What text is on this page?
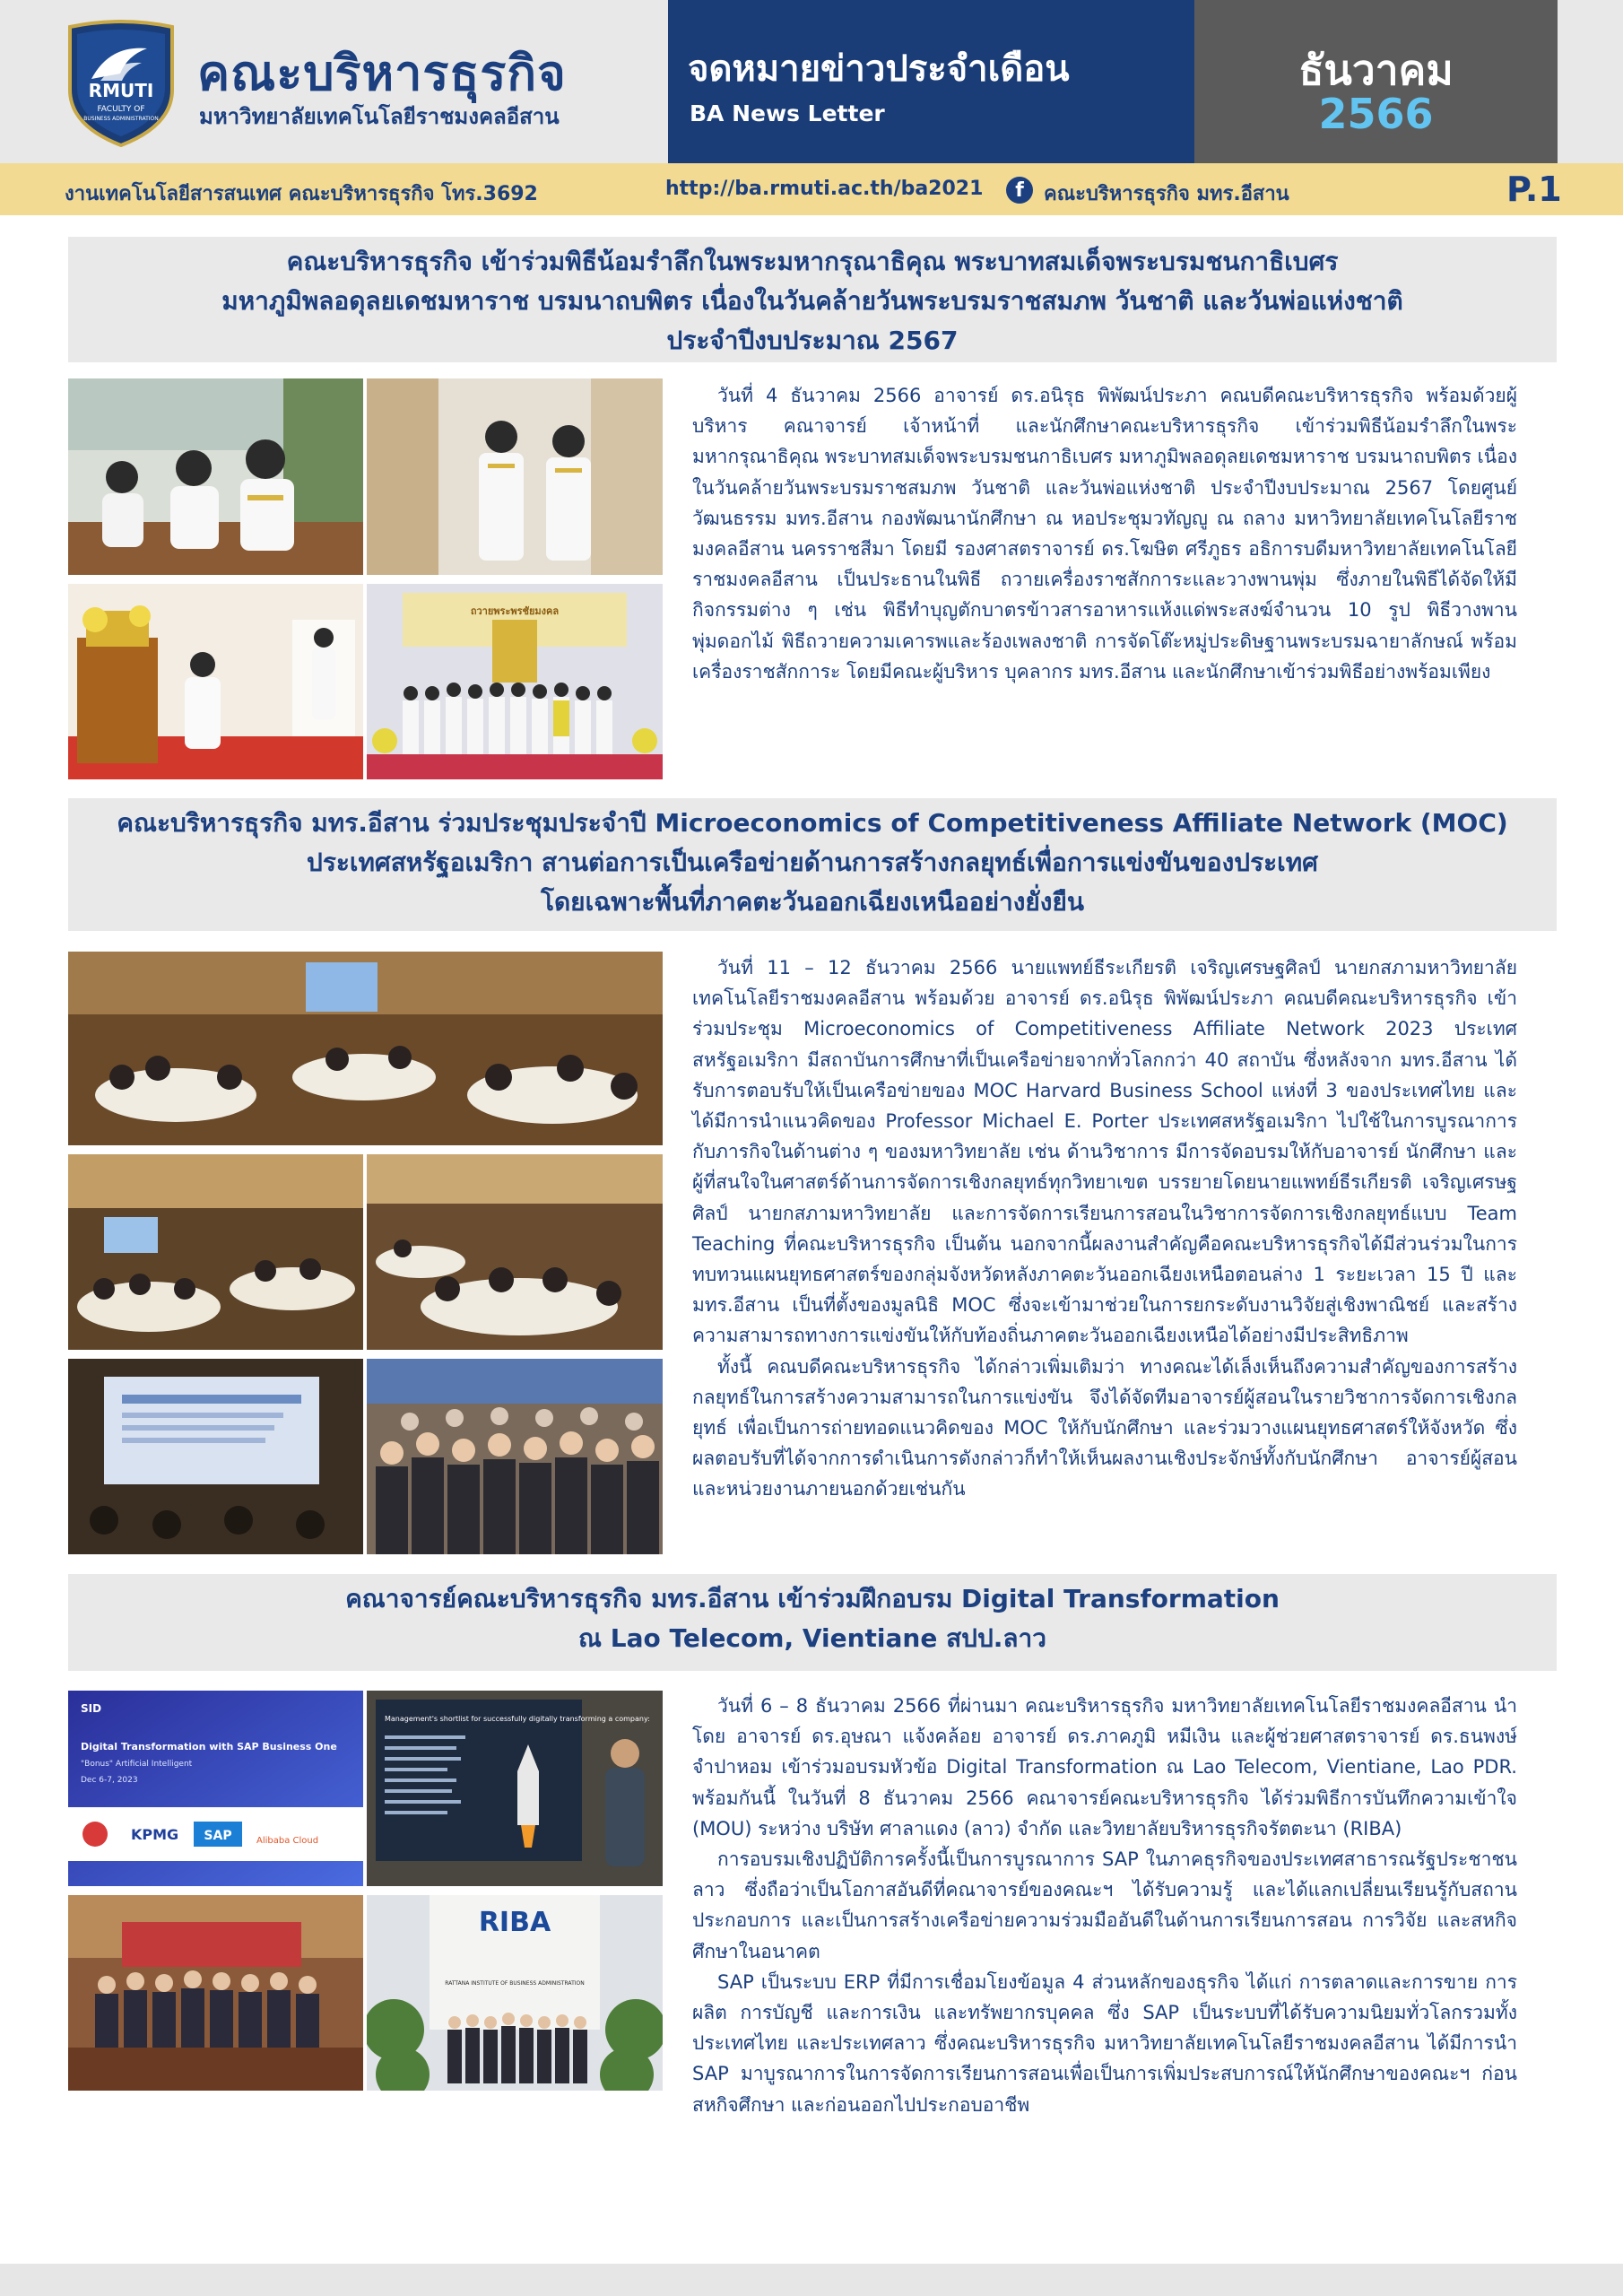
RMUTI
FACULTY OF
BUSINESS ADMINISTRATION
คณะบริหารธุรกิจ
มหาวิทยาลัยเทคโนโลยีราชมงคลอีสาน
จดหมายข่าวประจำเดือน
BA News Letter
ธันวาคม
2566
งานเทคโนโลยีสารสนเทศ คณะบริหารธุรกิจ โทร.3692	http://ba.rmuti.ac.th/ba2021	f	คณะบริหารธุรกิจ มทร.อีสาน	P.1
คณะบริหารธุรกิจ เข้าร่วมพิธีน้อมรำลึกในพระมหากรุณาธิคุณ พระบาทสมเด็จพระบรมชนกาธิเบศร
มหาภูมิพลอดุลยเดชมหาราช บรมนาถบพิตร เนื่องในวันคล้ายวันพระบรมราชสมภพ วันชาติ และวันพ่อแห่งชาติ
ประจำปีงบประมาณ 2567
ถวายพระพรชัยมงคล

วันที่ 4 ธันวาคม 2566 อาจารย์ ดร.อนิรุธ พิพัฒน์ประภา คณบดีคณะบริหารธุรกิจ พร้อมด้วยผู้บริหาร คณาจารย์ เจ้าหน้าที่ และนักศึกษาคณะบริหารธุรกิจ เข้าร่วมพิธีน้อมรำลึกในพระมหากรุณาธิคุณ พระบาทสมเด็จพระบรมชนกาธิเบศร มหาภูมิพลอดุลยเดชมหาราช บรมนาถบพิตร เนื่องในวันคล้ายวันพระบรมราชสมภพ วันชาติ และวันพ่อแห่งชาติ ประจำปีงบประมาณ 2567 โดยศูนย์วัฒนธรรม มทร.อีสาน กองพัฒนานักศึกษา ณ หอประชุมวทัญญู ณ ถลาง มหาวิทยาลัยเทคโนโลยีราชมงคลอีสาน นครราชสีมา โดยมี รองศาสตราจารย์ ดร.โฆษิต ศรีภูธร อธิการบดีมหาวิทยาลัยเทคโนโลยีราชมงคลอีสาน เป็นประธานในพิธี ถวายเครื่องราชสักการะและวางพานพุ่ม ซึ่งภายในพิธีได้จัดให้มีกิจกรรมต่าง ๆ เช่น พิธีทำบุญตักบาตรข้าวสารอาหารแห้งแด่พระสงฆ์จำนวน 10 รูป พิธีวางพานพุ่มดอกไม้ พิธีถวายความเคารพและร้องเพลงชาติ การจัดโต๊ะหมู่ประดิษฐานพระบรมฉายาลักษณ์ พร้อมเครื่องราชสักการะ โดยมีคณะผู้บริหาร บุคลากร มทร.อีสาน และนักศึกษาเข้าร่วมพิธีอย่างพร้อมเพียง

คณะบริหารธุรกิจ มทร.อีสาน ร่วมประชุมประจำปี Microeconomics of Competitiveness Affiliate Network (MOC)
ประเทศสหรัฐอเมริกา สานต่อการเป็นเครือข่ายด้านการสร้างกลยุทธ์เพื่อการแข่งขันของประเทศ
โดยเฉพาะพื้นที่ภาคตะวันออกเฉียงเหนืออย่างยั่งยืน

วันที่ 11 – 12 ธันวาคม 2566 นายแพทย์ธีระเกียรติ เจริญเศรษฐศิลป์ นายกสภามหาวิทยาลัยเทคโนโลยีราชมงคลอีสาน พร้อมด้วย อาจารย์ ดร.อนิรุธ พิพัฒน์ประภา คณบดีคณะบริหารธุรกิจ เข้าร่วมประชุม Microeconomics of Competitiveness Affiliate Network 2023 ประเทศสหรัฐอเมริกา มีสถาบันการศึกษาที่เป็นเครือข่ายจากทั่วโลกกว่า 40 สถาบัน ซึ่งหลังจาก มทร.อีสาน ได้รับการตอบรับให้เป็นเครือข่ายของ MOC Harvard Business School แห่งที่ 3 ของประเทศไทย และได้มีการนำแนวคิดของ Professor Michael E. Porter ประเทศสหรัฐอเมริกา ไปใช้ในการบูรณาการกับภารกิจในด้านต่าง ๆ ของมหาวิทยาลัย เช่น ด้านวิชาการ มีการจัดอบรมให้กับอาจารย์ นักศึกษา และผู้ที่สนใจในศาสตร์ด้านการจัดการเชิงกลยุทธ์ทุกวิทยาเขต บรรยายโดยนายแพทย์ธีรเกียรติ เจริญเศรษฐศิลป์ นายกสภามหาวิทยาลัย และการจัดการเรียนการสอนในวิชาการจัดการเชิงกลยุทธ์แบบ Team Teaching ที่คณะบริหารธุรกิจ เป็นต้น นอกจากนี้ผลงานสำคัญคือคณะบริหารธุรกิจได้มีส่วนร่วมในการทบทวนแผนยุทธศาสตร์ของกลุ่มจังหวัดหลังภาคตะวันออกเฉียงเหนือตอนล่าง 1 ระยะเวลา 15 ปี และ มทร.อีสาน เป็นที่ตั้งของมูลนิธิ MOC ซึ่งจะเข้ามาช่วยในการยกระดับงานวิจัยสู่เชิงพาณิชย์ และสร้างความสามารถทางการแข่งขันให้กับท้องถิ่นภาคตะวันออกเฉียงเหนือได้อย่างมีประสิทธิภาพ

ทั้งนี้ คณบดีคณะบริหารธุรกิจ ได้กล่าวเพิ่มเติมว่า ทางคณะได้เล็งเห็นถึงความสำคัญของการสร้างกลยุทธ์ในการสร้างความสามารถในการแข่งขัน จึงได้จัดทีมอาจารย์ผู้สอนในรายวิชาการจัดการเชิงกลยุทธ์ เพื่อเป็นการถ่ายทอดแนวคิดของ MOC ให้กับนักศึกษา และร่วมวางแผนยุทธศาสตร์ให้จังหวัด ซึ่งผลตอบรับที่ได้จากการดำเนินการดังกล่าวก็ทำให้เห็นผลงานเชิงประจักษ์ทั้งกับนักศึกษา อาจารย์ผู้สอน และหน่วยงานภายนอกด้วยเช่นกัน

คณาจารย์คณะบริหารธุรกิจ มทร.อีสาน เข้าร่วมฝึกอบรม Digital Transformation
ณ Lao Telecom, Vientiane สปป.ลาว
SID
Digital Transformation with SAP Business One
"Bonus" Artificial Intelligent
Dec 6-7, 2023
KPMG SAP	Alibaba Cloud
Management's shortlist for successfully digitally transforming a company:
RIBA
RATTANA INSTITUTE OF BUSINESS ADMINISTRATION

วันที่ 6 – 8 ธันวาคม 2566 ที่ผ่านมา คณะบริหารธุรกิจ มหาวิทยาลัยเทคโนโลยีราชมงคลอีสาน นำโดย อาจารย์ ดร.อุษณา แจ้งคล้อย อาจารย์ ดร.ภาคภูมิ หมีเงิน และผู้ช่วยศาสตราจารย์ ดร.ธนพงษ์ จำปาหอม เข้าร่วมอบรมหัวข้อ Digital Transformation ณ Lao Telecom, Vientiane, Lao PDR. พร้อมกันนี้ ในวันที่ 8 ธันวาคม 2566 คณาจารย์คณะบริหารธุรกิจ ได้ร่วมพิธีการบันทึกความเข้าใจ (MOU) ระหว่าง บริษัท ศาลาแดง (ลาว) จำกัด และวิทยาลัยบริหารธุรกิจรัตตะนา (RIBA)

การอบรมเชิงปฏิบัติการครั้งนี้เป็นการบูรณาการ SAP ในภาคธุรกิจของประเทศสาธารณรัฐประชาชนลาว ซึ่งถือว่าเป็นโอกาสอันดีที่คณาจารย์ของคณะฯ ได้รับความรู้ และได้แลกเปลี่ยนเรียนรู้กับสถานประกอบการ และเป็นการสร้างเครือข่ายความร่วมมืออันดีในด้านการเรียนการสอน การวิจัย และสหกิจศึกษาในอนาคต

SAP เป็นระบบ ERP ที่มีการเชื่อมโยงข้อมูล 4 ส่วนหลักของธุรกิจ ได้แก่ การตลาดและการขาย การผลิต การบัญชี และการเงิน และทรัพยากรบุคคล ซึ่ง SAP เป็นระบบที่ได้รับความนิยมทั่วโลกรวมทั้งประเทศไทย และประเทศลาว ซึ่งคณะบริหารธุรกิจ มหาวิทยาลัยเทคโนโลยีราชมงคลอีสาน ได้มีการนำ SAP มาบูรณาการในการจัดการเรียนการสอนเพื่อเป็นการเพิ่มประสบการณ์ให้นักศึกษาของคณะฯ ก่อนสหกิจศึกษา และก่อนออกไปประกอบอาชีพ
